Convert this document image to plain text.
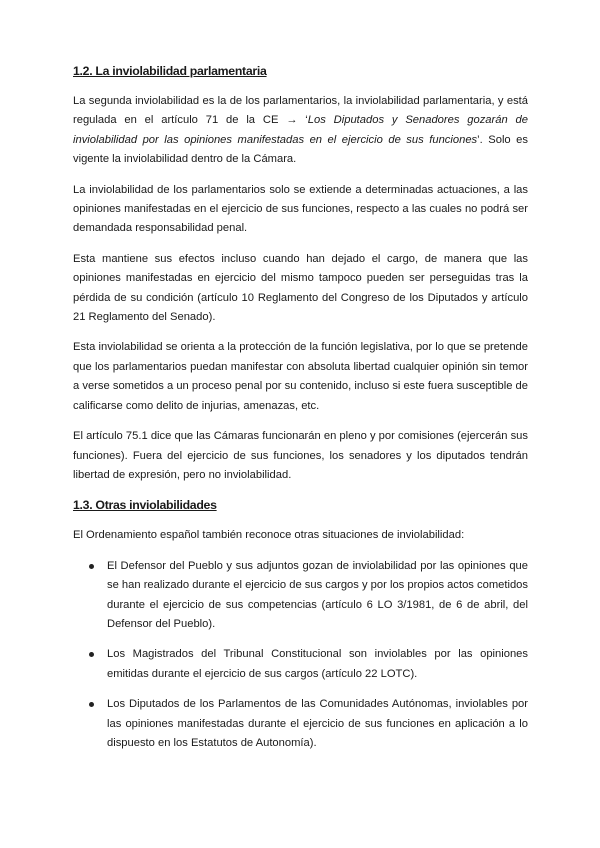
1.2. La inviolabilidad parlamentaria

La segunda inviolabilidad es la de los parlamentarios, la inviolabilidad parlamentaria, y está regulada en el artículo 71 de la CE → ‘Los Diputados y Senadores gozarán de inviolabilidad por las opiniones manifestadas en el ejercicio de sus funciones’. Solo es vigente la inviolabilidad dentro de la Cámara.

La inviolabilidad de los parlamentarios solo se extiende a determinadas actuaciones, a las opiniones manifestadas en el ejercicio de sus funciones, respecto a las cuales no podrá ser demandada responsabilidad penal.

Esta mantiene sus efectos incluso cuando han dejado el cargo, de manera que las opiniones manifestadas en ejercicio del mismo tampoco pueden ser perseguidas tras la pérdida de su condición (artículo 10 Reglamento del Congreso de los Diputados y artículo 21 Reglamento del Senado).

Esta inviolabilidad se orienta a la protección de la función legislativa, por lo que se pretende que los parlamentarios puedan manifestar con absoluta libertad cualquier opinión sin temor a verse sometidos a un proceso penal por su contenido, incluso si este fuera susceptible de calificarse como delito de injurias, amenazas, etc.

El artículo 75.1 dice que las Cámaras funcionarán en pleno y por comisiones (ejercerán sus funciones). Fuera del ejercicio de sus funciones, los senadores y los diputados tendrán libertad de expresión, pero no inviolabilidad.

1.3. Otras inviolabilidades

El Ordenamiento español también reconoce otras situaciones de inviolabilidad:

El Defensor del Pueblo y sus adjuntos gozan de inviolabilidad por las opiniones que se han realizado durante el ejercicio de sus cargos y por los propios actos cometidos durante el ejercicio de sus competencias (artículo 6 LO 3/1981, de 6 de abril, del Defensor del Pueblo).
Los Magistrados del Tribunal Constitucional son inviolables por las opiniones emitidas durante el ejercicio de sus cargos (artículo 22 LOTC).
Los Diputados de los Parlamentos de las Comunidades Autónomas, inviolables por las opiniones manifestadas durante el ejercicio de sus funciones en aplicación a lo dispuesto en los Estatutos de Autonomía).
